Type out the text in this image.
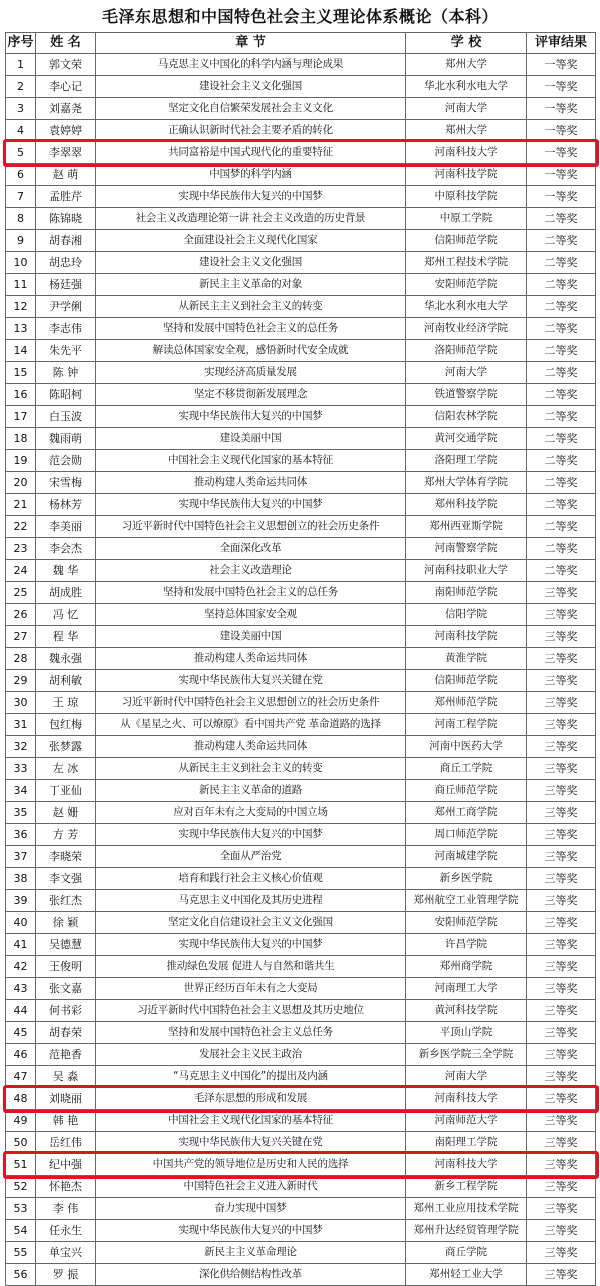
毛泽东思想和中国特色社会主义理论体系概论（本科）
序号	姓 名	章 节	学 校	评审结果
1	郭文荣	马克思主义中国化的科学内涵与理论成果	郑州大学	一等奖
2	李心记	建设社会主义文化强国	华北水利水电大学	一等奖
3	刘嘉尧	坚定文化自信繁荣发展社会主义文化	河南大学	一等奖
4	袁婷婷	正确认识新时代社会主要矛盾的转化	郑州大学	一等奖
5	李翠翠	共同富裕是中国式现代化的重要特征	河南科技大学	一等奖
6	赵 萌	中国梦的科学内涵	河南科技学院	一等奖
7	孟胜芹	实现中华民族伟大复兴的中国梦	中原科技学院	一等奖
8	陈锦晓	社会主义改造理论第一讲 社会主义改造的历史背景	中原工学院	二等奖
9	胡春湘	全面建设社会主义现代化国家	信阳师范学院	二等奖
10	胡忠玲	建设社会主义文化强国	郑州工程技术学院	二等奖
11	杨廷强	新民主主义革命的对象	安阳师范学院	二等奖
12	尹学俐	从新民主主义到社会主义的转变	华北水利水电大学	二等奖
13	李志伟	坚持和发展中国特色社会主义的总任务	河南牧业经济学院	二等奖
14	朱先平	解读总体国家安全观，感悟新时代安全成就	洛阳师范学院	二等奖
15	陈 钟	实现经济高质量发展	河南大学	二等奖
16	陈昭柯	坚定不移贯彻新发展理念	铁道警察学院	二等奖
17	白玉波	实现中华民族伟大复兴的中国梦	信阳农林学院	二等奖
18	魏雨萌	建设美丽中国	黄河交通学院	二等奖
19	范会勋	中国社会主义现代化国家的基本特征	洛阳理工学院	二等奖
20	宋雪梅	推动构建人类命运共同体	郑州大学体育学院	二等奖
21	杨林芳	实现中华民族伟大复兴的中国梦	郑州科技学院	二等奖
22	李美丽	习近平新时代中国特色社会主义思想创立的社会历史条件	郑州西亚斯学院	二等奖
23	李会杰	全面深化改革	河南警察学院	二等奖
24	魏 华	社会主义改造理论	河南科技职业大学	二等奖
25	胡成胜	坚持和发展中国特色社会主义的总任务	南阳师范学院	三等奖
26	冯 忆	坚持总体国家安全观	信阳学院	三等奖
27	程 华	建设美丽中国	河南科技学院	三等奖
28	魏永强	推动构建人类命运共同体	黄淮学院	三等奖
29	胡利敏	实现中华民族伟大复兴关键在党	信阳师范学院	三等奖
30	王 琼	习近平新时代中国特色社会主义思想创立的社会历史条件	郑州师范学院	三等奖
31	包红梅	从《星星之火、可以燎原》看中国共产党 革命道路的选择	河南工程学院	三等奖
32	张梦露	推动构建人类命运共同体	河南中医药大学	三等奖
33	左 冰	从新民主主义到社会主义的转变	商丘工学院	三等奖
34	丁亚仙	新民主主义革命的道路	商丘师范学院	三等奖
35	赵 姗	应对百年未有之大变局的中国立场	郑州工商学院	三等奖
36	方 芳	实现中华民族伟大复兴的中国梦	周口师范学院	三等奖
37	李晓荣	全面从严治党	河南城建学院	三等奖
38	李文强	培育和践行社会主义核心价值观	新乡医学院	三等奖
39	张红杰	马克思主义中国化及其历史进程	郑州航空工业管理学院	三等奖
40	徐 颖	坚定文化自信建设社会主义文化强国	安阳师范学院	三等奖
41	吴德慧	实现中华民族伟大复兴的中国梦	许昌学院	三等奖
42	王俊明	推动绿色发展 促进人与自然和谐共生	郑州商学院	三等奖
43	张文嘉	世界正经历百年未有之大变局	河南理工大学	三等奖
44	何书彩	习近平新时代中国特色社会主义思想及其历史地位	黄河科技学院	三等奖
45	胡春荣	坚持和发展中国特色社会主义总任务	平顶山学院	三等奖
46	范艳香	发展社会主义民主政治	新乡医学院三全学院	三等奖
47	吴 淼	“马克思主义中国化”的提出及内涵	河南大学	三等奖
48	刘晓丽	毛泽东思想的形成和发展	河南科技大学	三等奖
49	韩 艳	中国社会主义现代化国家的基本特征	河南师范大学	三等奖
50	岳红伟	实现中华民族伟大复兴关键在党	南阳理工学院	三等奖
51	纪中强	中国共产党的领导地位是历史和人民的选择	河南科技大学	三等奖
52	怀艳杰	中国特色社会主义进入新时代	新乡工程学院	三等奖
53	李 伟	奋力实现中国梦	郑州工业应用技术学院	三等奖
54	任永生	实现中华民族伟大复兴的中国梦	郑州升达经贸管理学院	三等奖
55	单宝兴	新民主主义革命理论	商丘学院	三等奖
56	罗 振	深化供给侧结构性改革	郑州轻工业大学	三等奖
